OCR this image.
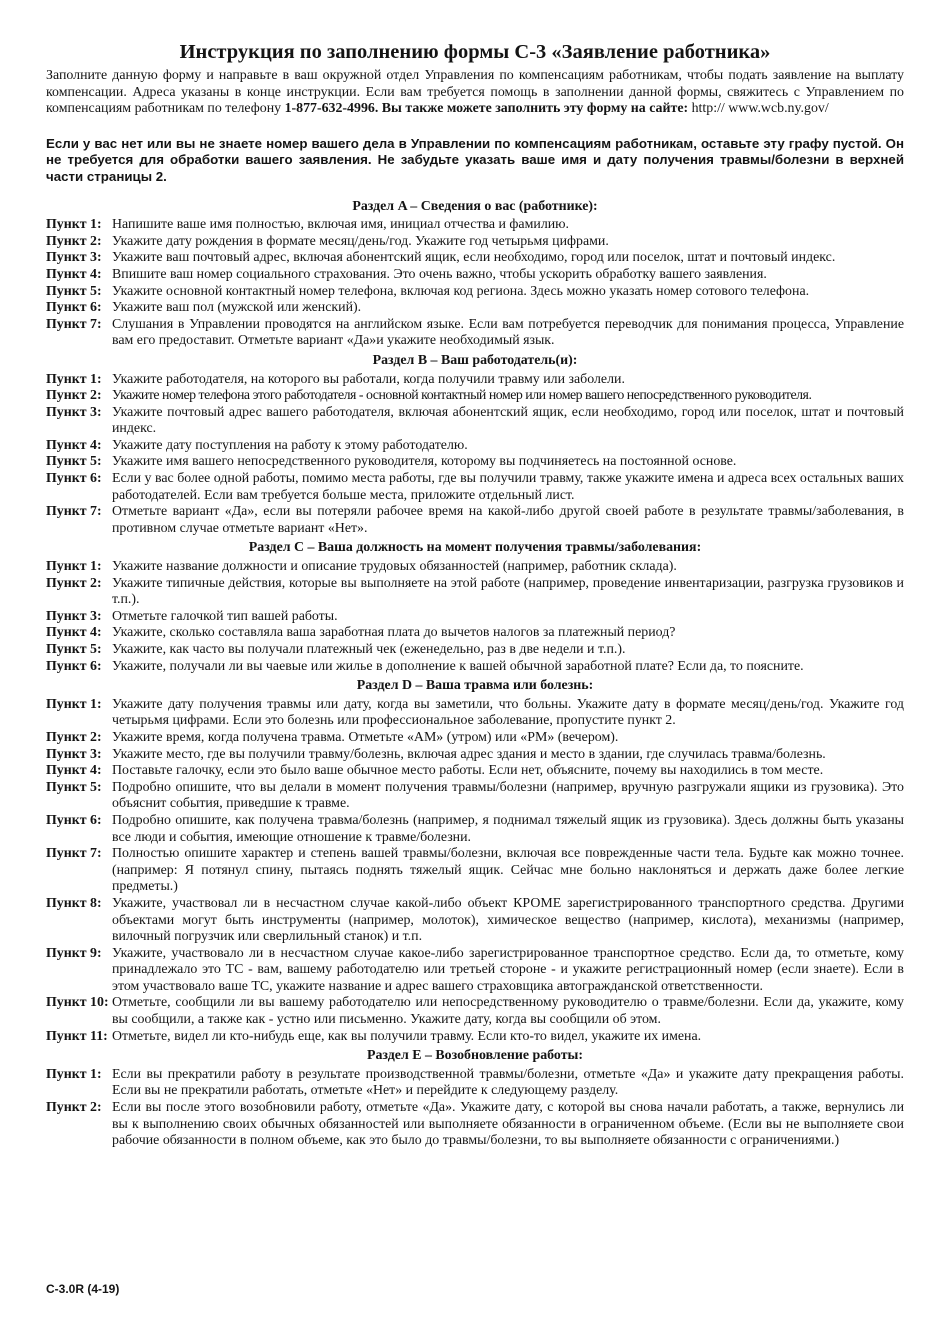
Инструкция по заполнению формы С-3 «Заявление работника»

Заполните данную форму и направьте в ваш окружной отдел Управления по компенсациям работникам, чтобы подать заявление на выплату компенсации. Адреса указаны в конце инструкции. Если вам требуется помощь в заполнении данной формы, свяжитесь с Управлением по компенсациям работникам по телефону 1-877-632-4996. Вы также можете заполнить эту форму на сайте: http:// www.wcb.ny.gov/

Если у вас нет или вы не знаете номер вашего дела в Управлении по компенсациям работникам, оставьте эту графу пустой. Он не требуется для обработки вашего заявления. Не забудьте указать ваше имя и дату получения травмы/болезни в верхней части страницы 2.

Раздел A – Сведения о вас (работнике):
Пункт 1: Напишите ваше имя полностью, включая имя, инициал отчества и фамилию.
Пункт 2: Укажите дату рождения в формате месяц/день/год. Укажите год четырьмя цифрами.
Пункт 3: Укажите ваш почтовый адрес, включая абонентский ящик, если необходимо, город или поселок, штат и почтовый индекс.
Пункт 4: Впишите ваш номер социального страхования. Это очень важно, чтобы ускорить обработку вашего заявления.
Пункт 5: Укажите основной контактный номер телефона, включая код региона. Здесь можно указать номер сотового телефона.
Пункт 6: Укажите ваш пол (мужской или женский).
Пункт 7: Слушания в Управлении проводятся на английском языке. Если вам потребуется переводчик для понимания процесса, Управление вам его предоставит. Отметьте вариант «Да»и укажите необходимый язык.
Раздел B – Ваш работодатель(и):
Пункт 1: Укажите работодателя, на которого вы работали, когда получили травму или заболели.
Пункт 2: Укажите номер телефона этого работодателя - основной контактный номер или номер вашего непосредственного руководителя.
Пункт 3: Укажите почтовый адрес вашего работодателя, включая абонентский ящик, если необходимо, город или поселок, штат и почтовый индекс.
Пункт 4: Укажите дату поступления на работу к этому работодателю.
Пункт 5: Укажите имя вашего непосредственного руководителя, которому вы подчиняетесь на постоянной основе.
Пункт 6: Если у вас более одной работы, помимо места работы, где вы получили травму, также укажите имена и адреса всех остальных ваших работодателей. Если вам требуется больше места, приложите отдельный лист.
Пункт 7: Отметьте вариант «Да», если вы потеряли рабочее время на какой-либо другой своей работе в результате травмы/заболевания, в противном случае отметьте вариант «Нет».
Раздел C – Ваша должность на момент получения травмы/заболевания:
Пункт 1: Укажите название должности и описание трудовых обязанностей (например, работник склада).
Пункт 2: Укажите типичные действия, которые вы выполняете на этой работе (например, проведение инвентаризации, разгрузка грузовиков и т.п.).
Пункт 3: Отметьте галочкой тип вашей работы.
Пункт 4: Укажите, сколько составляла ваша заработная плата до вычетов налогов за платежный период?
Пункт 5: Укажите, как часто вы получали платежный чек (еженедельно, раз в две недели и т.п.).
Пункт 6: Укажите, получали ли вы чаевые или жилье в дополнение к вашей обычной заработной плате? Если да, то поясните.
Раздел D – Ваша травма или болезнь:
Пункт 1: Укажите дату получения травмы или дату, когда вы заметили, что больны. Укажите дату в формате месяц/день/год. Укажите год четырьмя цифрами. Если это болезнь или профессиональное заболевание, пропустите пункт 2.
Пункт 2: Укажите время, когда получена травма. Отметьте «AM» (утром) или «PM» (вечером).
Пункт 3: Укажите место, где вы получили травму/болезнь, включая адрес здания и место в здании, где случилась травма/болезнь.
Пункт 4: Поставьте галочку, если это было ваше обычное место работы. Если нет, объясните, почему вы находились в том месте.
Пункт 5: Подробно опишите, что вы делали в момент получения травмы/болезни (например, вручную разгружали ящики из грузовика). Это объяснит события, приведшие к травме.
Пункт 6: Подробно опишите, как получена травма/болезнь (например, я поднимал тяжелый ящик из грузовика). Здесь должны быть указаны все люди и события, имеющие отношение к травме/болезни.
Пункт 7: Полностью опишите характер и степень вашей травмы/болезни, включая все поврежденные части тела. Будьте как можно точнее. (например: Я потянул спину, пытаясь поднять тяжелый ящик. Сейчас мне больно наклоняться и держать даже более легкие предметы.)
Пункт 8: Укажите, участвовал ли в несчастном случае какой-либо объект КРОМЕ зарегистрированного транспортного средства. Другими объектами могут быть инструменты (например, молоток), химическое вещество (например, кислота), механизмы (например, вилочный погрузчик или сверлильный станок) и т.п.
Пункт 9: Укажите, участвовало ли в несчастном случае какое-либо зарегистрированное транспортное средство. Если да, то отметьте, кому принадлежало это ТС - вам, вашему работодателю или третьей стороне - и укажите регистрационный номер (если знаете). Если в этом участвовало ваше ТС, укажите название и адрес вашего страховщика автогражданской ответственности.
Пункт 10: Отметьте, сообщили ли вы вашему работодателю или непосредственному руководителю о травме/болезни. Если да, укажите, кому вы сообщили, а также как - устно или письменно. Укажите дату, когда вы сообщили об этом.
Пункт 11: Отметьте, видел ли кто-нибудь еще, как вы получили травму. Если кто-то видел, укажите их имена.
Раздел E – Возобновление работы:
Пункт 1: Если вы прекратили работу в результате производственной травмы/болезни, отметьте «Да» и укажите дату прекращения работы. Если вы не прекратили работать, отметьте «Нет» и перейдите к следующему разделу.
Пункт 2: Если вы после этого возобновили работу, отметьте «Да». Укажите дату, с которой вы снова начали работать, а также, вернулись ли вы к выполнению своих обычных обязанностей или выполняете обязанности в ограниченном объеме. (Если вы не выполняете свои рабочие обязанности в полном объеме, как это было до травмы/болезни, то вы выполняете обязанности с ограничениями.)
C-3.0R (4-19)
